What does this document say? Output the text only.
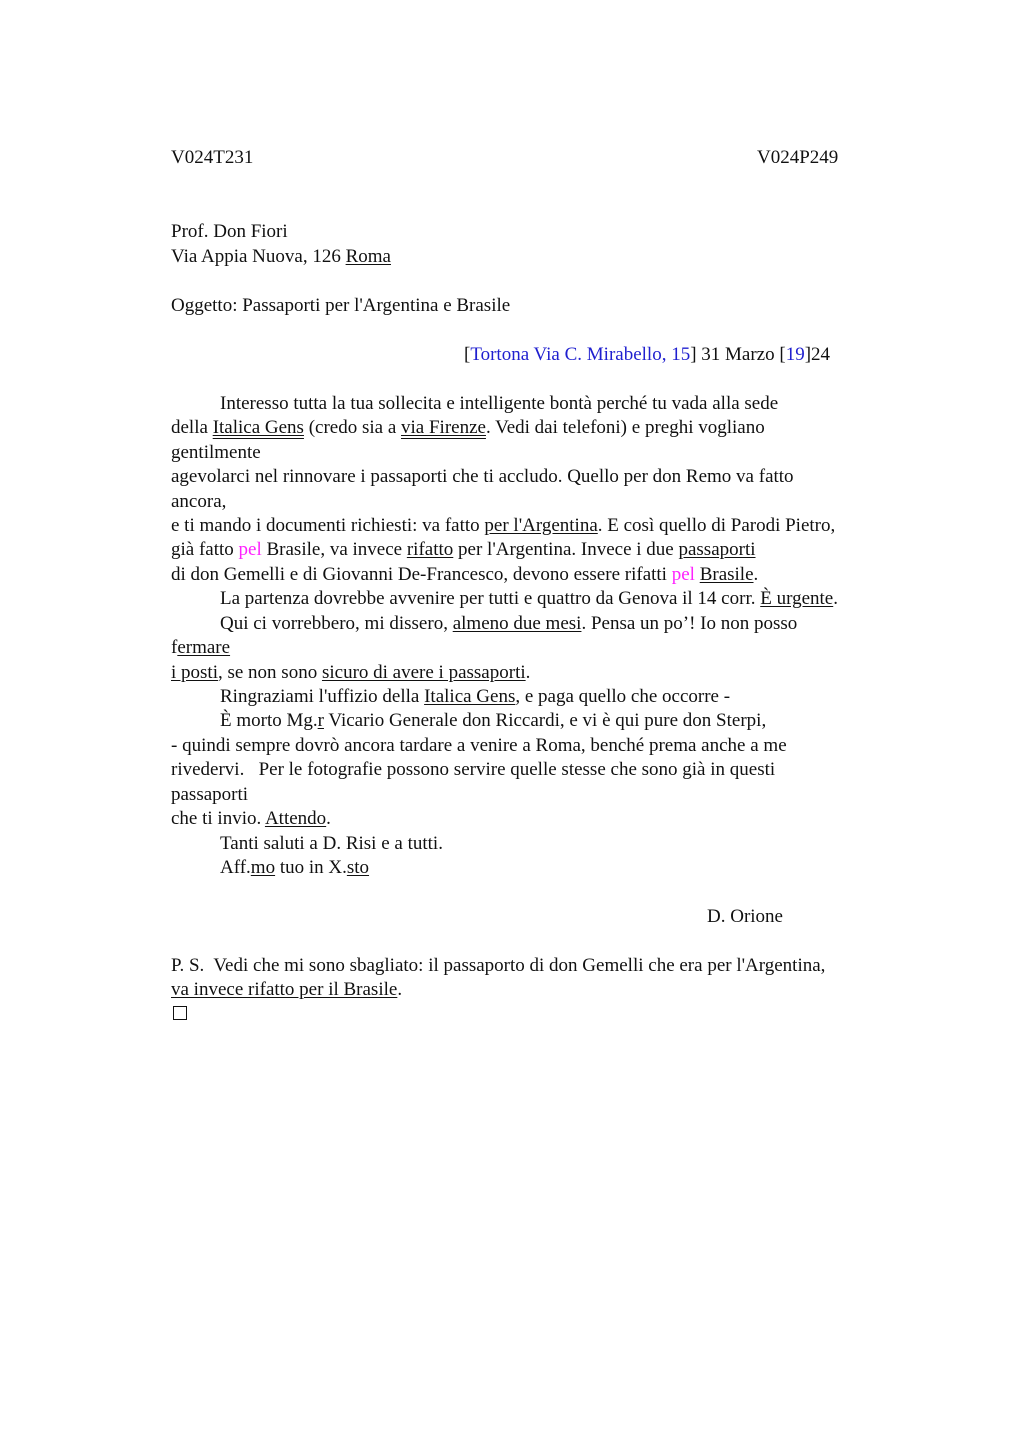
V024T231	V024P249
Prof. Don Fiori
Via Appia Nuova, 126 Roma
Oggetto: Passaporti per l'Argentina e Brasile
[Tortona Via C. Mirabello, 15] 31 Marzo [19]24
Interesso tutta la tua sollecita e intelligente bontà perché tu vada alla sede
della Italica Gens (credo sia a via Firenze. Vedi dai telefoni) e preghi vogliano
gentilmente
agevolarci nel rinnovare i passaporti che ti accludo. Quello per don Remo va fatto
ancora,
e ti mando i documenti richiesti: va fatto per l'Argentina. E così quello di Parodi Pietro,
già fatto pel Brasile, va invece rifatto per l'Argentina. Invece i due passaporti
di don Gemelli e di Giovanni De-Francesco, devono essere rifatti pel Brasile.
La partenza dovrebbe avvenire per tutti e quattro da Genova il 14 corr. È urgente.
Qui ci vorrebbero, mi dissero, almeno due mesi. Pensa un po’! Io non posso
fermare
i posti, se non sono sicuro di avere i passaporti.
Ringraziami l'uffizio della Italica Gens, e paga quello che occorre -
È morto Mg.r Vicario Generale don Riccardi, e vi è qui pure don Sterpi,
- quindi sempre dovrò ancora tardare a venire a Roma, benché prema anche a me
rivedervi.   Per le fotografie possono servire quelle stesse che sono già in questi
passaporti
che ti invio. Attendo.
Tanti saluti a D. Risi e a tutti.
Aff.mo tuo in X.sto
D. Orione
P. S.  Vedi che mi sono sbagliato: il passaporto di don Gemelli che era per l'Argentina,
va invece rifatto per il Brasile.
